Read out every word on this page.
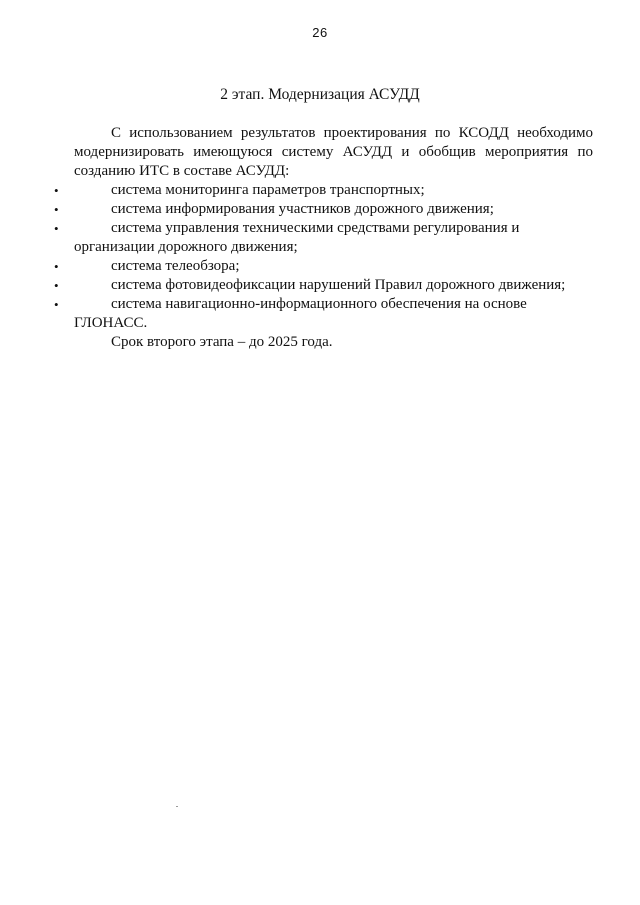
26
2 этап. Модернизация АСУДД

С использованием результатов проектирования по КСОДД необходимо модернизировать имеющуюся систему АСУДД и обобщив мероприятия по созданию ИТС в составе АСУДД:

•	система мониторинга параметров транспортных;
•	система информирования участников дорожного движения;
•	система управления техническими средствами регулирования и организации дорожного движения;
•	система телеобзора;
•	система фотовидеофиксации нарушений Правил дорожного движения;
•	система навигационно-информационного обеспечения на основе ГЛОНАСС.

Срок второго этапа – до 2025 года.
